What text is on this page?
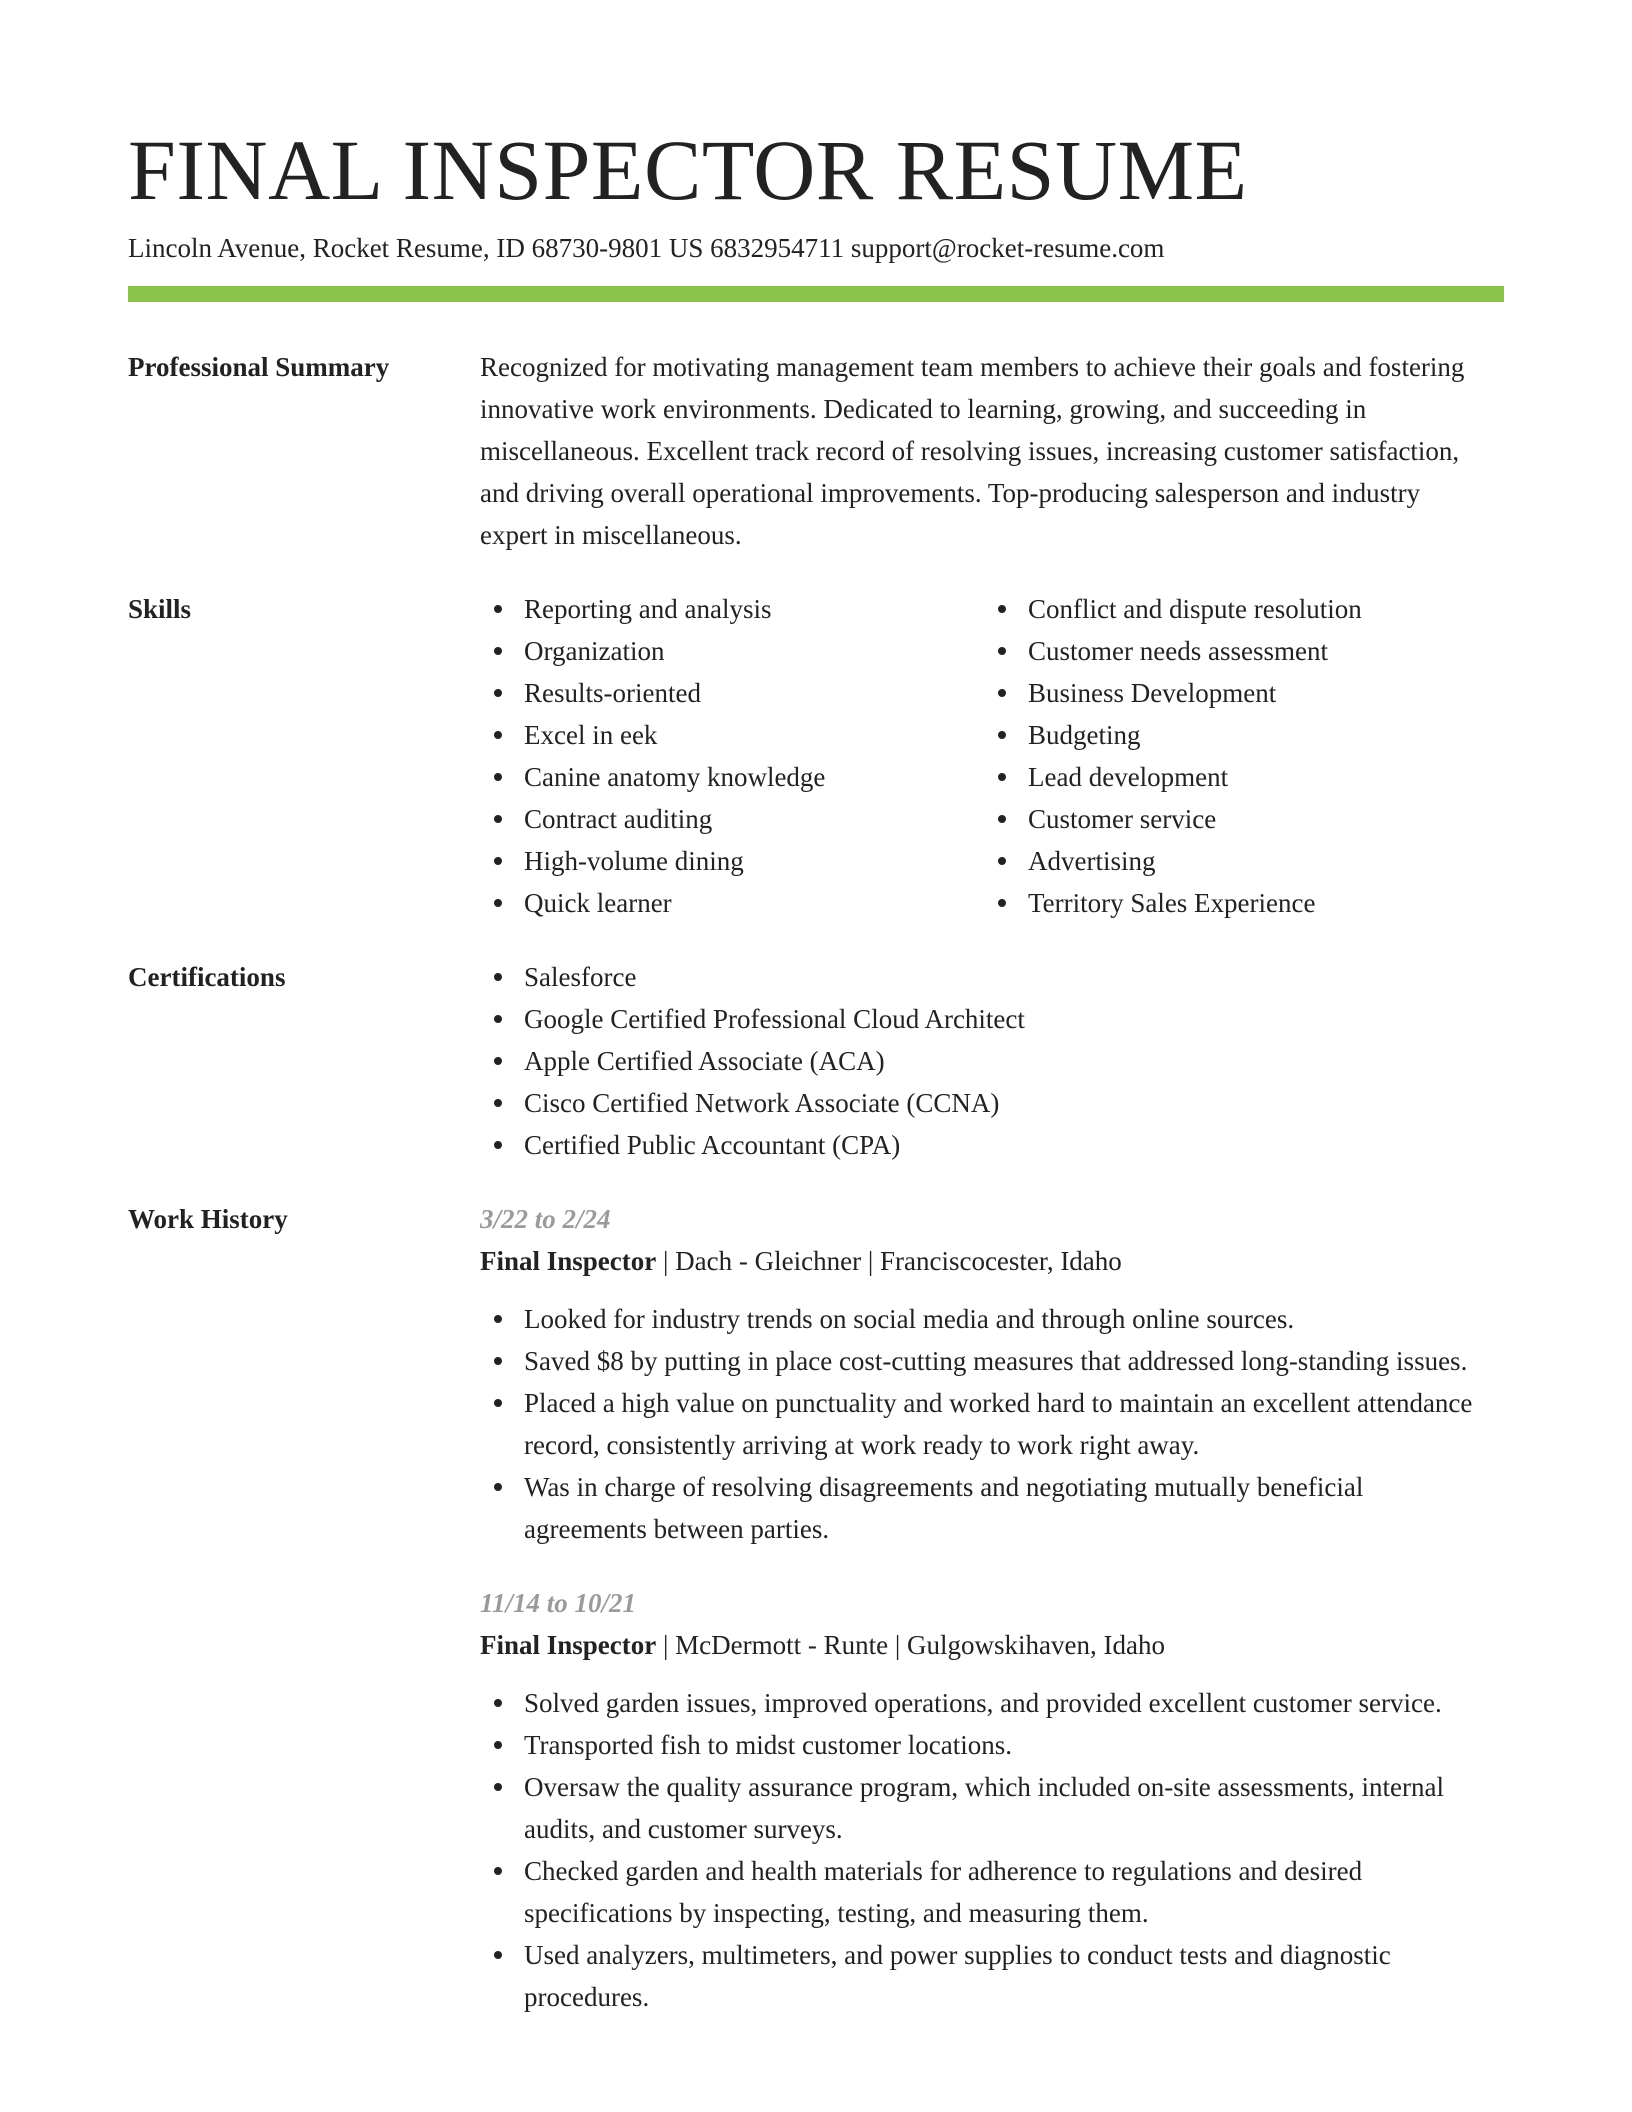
FINAL INSPECTOR RESUME
Lincoln Avenue, Rocket Resume, ID 68730-9801 US 6832954711 support@rocket-resume.com
Professional Summary	Recognized for motivating management team members to achieve their goals and fostering innovative work environments. Dedicated to learning, growing, and succeeding in miscellaneous. Excellent track record of resolving issues, increasing customer satisfaction, and driving overall operational improvements. Top-producing salesperson and industry expert in miscellaneous.

Skills	Reporting and analysis
Organization
Results-oriented
Excel in eek
Canine anatomy knowledge
Contract auditing
High-volume dining
Quick learner
Conflict and dispute resolution
Customer needs assessment
Business Development
Budgeting
Lead development
Customer service
Advertising
Territory Sales Experience
Certifications	Salesforce
Google Certified Professional Cloud Architect
Apple Certified Associate (ACA)
Cisco Certified Network Associate (CCNA)
Certified Public Accountant (CPA)
Work History	3/22 to 2/24
Final Inspector | Dach - Gleichner | Franciscocester, Idaho
Looked for industry trends on social media and through online sources.
Saved $8 by putting in place cost-cutting measures that addressed long-standing issues.
Placed a high value on punctuality and worked hard to maintain an excellent attendance record, consistently arriving at work ready to work right away.
Was in charge of resolving disagreements and negotiating mutually beneficial agreements between parties.
11/14 to 10/21
Final Inspector | McDermott - Runte | Gulgowskihaven, Idaho
Solved garden issues, improved operations, and provided excellent customer service.
Transported fish to midst customer locations.
Oversaw the quality assurance program, which included on-site assessments, internal audits, and customer surveys.
Checked garden and health materials for adherence to regulations and desired specifications by inspecting, testing, and measuring them.
Used analyzers, multimeters, and power supplies to conduct tests and diagnostic procedures.
